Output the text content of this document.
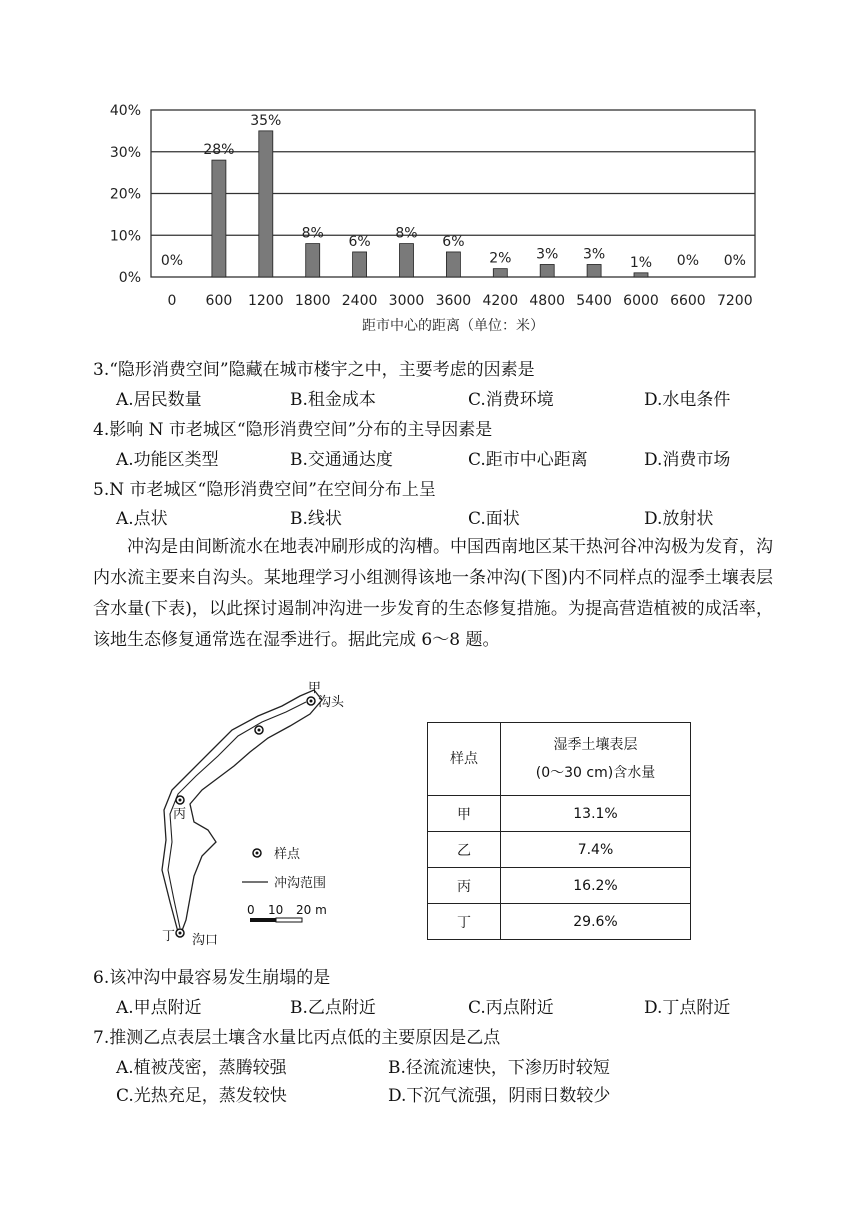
0%
10%
20%
30%
40%
0%
28%
35%
8%
6%
8%
6%
2% 3% 3%
1% 0% 0%
0 600 1200 1800 2400 3000 3600 4200 4800 5400 6000 6600 7200
距市中心的距离（单位：米）
3.“隐形消费空间”隐藏在城市楼宇之中，主要考虑的因素是
A.居民数量	B.租金成本	C.消费环境	D.水电条件
4.影响 N 市老城区“隐形消费空间”分布的主导因素是
A.功能区类型	B.交通通达度	C.距市中心距离	D.消费市场
5.N 市老城区“隐形消费空间”在空间分布上呈
A.点状	B.线状	C.面状	D.放射状

冲沟是由间断流水在地表冲刷形成的沟槽。中国西南地区某干热河谷冲沟极为发育，沟内水流主要来自沟头。某地理学习小组测得该地一条冲沟(下图)内不同样点的湿季土壤表层含水量(下表)，以此探讨遏制冲沟进一步发育的生态修复措施。为提高营造植被的成活率，该地生态修复通常选在湿季进行。据此完成 6～8 题。

甲
沟头
丙
丁 沟口
样点
冲沟范围
0 10 20 m
样点	湿季土壤表层
(0～30 cm)含水量

甲	13.1%
乙	7.4%
丙	16.2%
丁	29.6%
6.该冲沟中最容易发生崩塌的是
A.甲点附近	B.乙点附近	C.丙点附近	D.丁点附近
7.推测乙点表层土壤含水量比丙点低的主要原因是乙点
A.植被茂密，蒸腾较强	B.径流流速快，下渗历时较短
C.光热充足，蒸发较快	D.下沉气流强，阴雨日数较少
